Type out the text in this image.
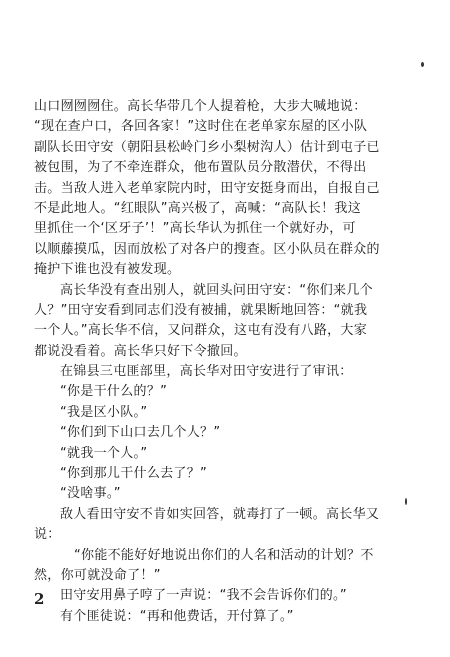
山口囫囫囫住。高长华带几个人提着枪，大步大喊地说：
“现在查户口，各回各家！”这时住在老单家东屋的区小队
副队长田守安（朝阳县松岭门乡小梨树沟人）估计到屯子已
被包围，为了不牵连群众，他布置队员分散潜伏，不得出
击。当敌人进入老单家院内时，田守安挺身而出，自报自己
不是此地人。“红眼队”高兴极了，高喊：“高队长！我这
里抓住一个‘区牙子’！”高长华认为抓住一个就好办，可
以顺藤摸瓜，因而放松了对各户的搜查。区小队员在群众的
掩护下谁也没有被发现。
高长华没有查出别人，就回头问田守安：“你们来几个
人？”田守安看到同志们没有被捕，就果断地回答：“就我
一个人。”高长华不信，又问群众，这屯有没有八路，大家
都说没看着。高长华只好下令撤回。
在锦县三屯匪部里，高长华对田守安进行了审讯：
“你是干什么的？”
“我是区小队。”
“你们到下山口去几个人？”
“就我一个人。”
“你到那儿干什么去了？”
“没啥事。”
敌人看田守安不肯如实回答，就毒打了一顿。高长华又
说：
“你能不能好好地说出你们的人名和活动的计划？不
然，你可就没命了！”
田守安用鼻子哼了一声说：“我不会告诉你们的。”
有个匪徒说：“再和他费话，开付算了。”
2
